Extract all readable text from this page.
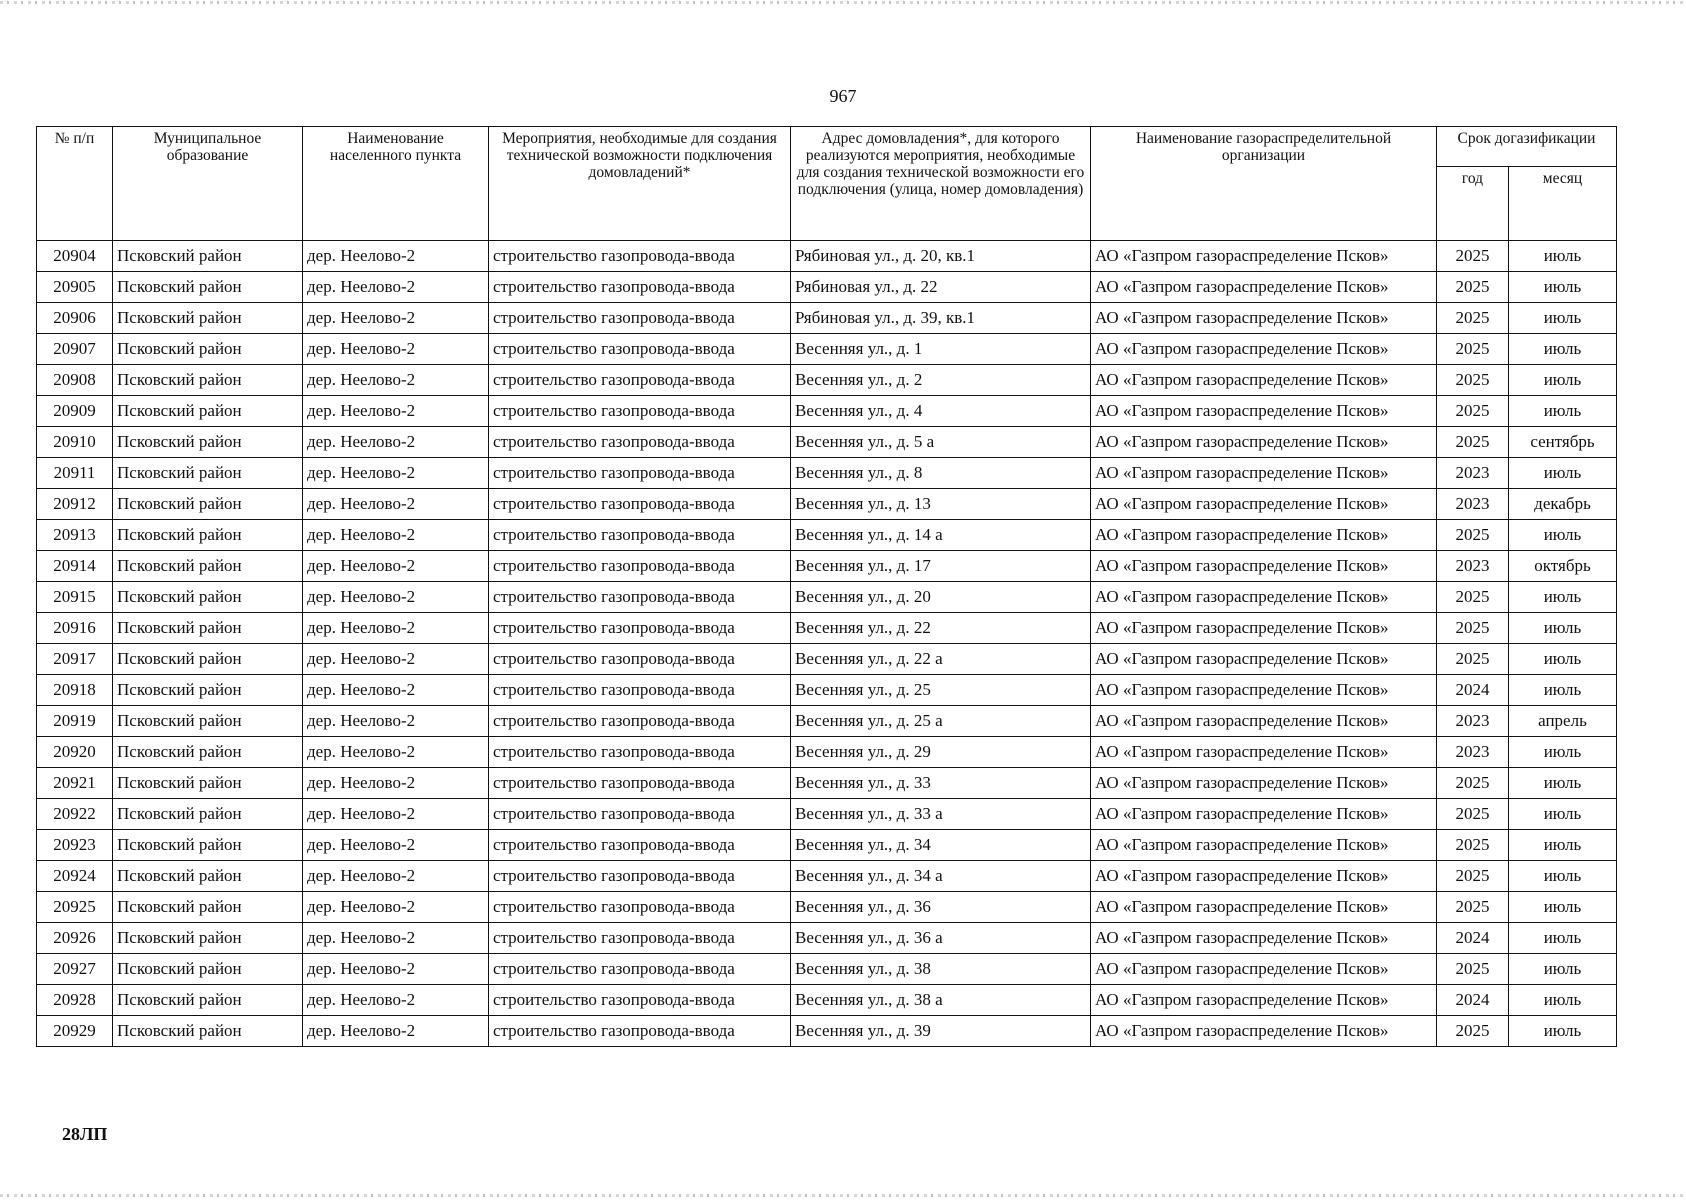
967
№ п/п	Муниципальное образование	Наименование населенного пункта	Мероприятия, необходимые для создания технической возможности подключения домовладений*	Адрес домовладения*, для которого реализуются мероприятия, необходимые для создания технической возможности его подключения (улица, номер домовладения)	Наименование газораспределительной организации	Срок догазификации	
						год	месяц
20904	Псковский район	дер. Неелово-2	строительство газопровода-ввода	Рябиновая ул., д. 20, кв.1	АО «Газпром газораспределение Псков»	2025	июль
20905	Псковский район	дер. Неелово-2	строительство газопровода-ввода	Рябиновая ул., д. 22	АО «Газпром газораспределение Псков»	2025	июль
20906	Псковский район	дер. Неелово-2	строительство газопровода-ввода	Рябиновая ул., д. 39, кв.1	АО «Газпром газораспределение Псков»	2025	июль
20907	Псковский район	дер. Неелово-2	строительство газопровода-ввода	Весенняя ул., д. 1	АО «Газпром газораспределение Псков»	2025	июль
20908	Псковский район	дер. Неелово-2	строительство газопровода-ввода	Весенняя ул., д. 2	АО «Газпром газораспределение Псков»	2025	июль
20909	Псковский район	дер. Неелово-2	строительство газопровода-ввода	Весенняя ул., д. 4	АО «Газпром газораспределение Псков»	2025	июль
20910	Псковский район	дер. Неелово-2	строительство газопровода-ввода	Весенняя ул., д. 5 а	АО «Газпром газораспределение Псков»	2025	сентябрь
20911	Псковский район	дер. Неелово-2	строительство газопровода-ввода	Весенняя ул., д. 8	АО «Газпром газораспределение Псков»	2023	июль
20912	Псковский район	дер. Неелово-2	строительство газопровода-ввода	Весенняя ул., д. 13	АО «Газпром газораспределение Псков»	2023	декабрь
20913	Псковский район	дер. Неелово-2	строительство газопровода-ввода	Весенняя ул., д. 14 а	АО «Газпром газораспределение Псков»	2025	июль
20914	Псковский район	дер. Неелово-2	строительство газопровода-ввода	Весенняя ул., д. 17	АО «Газпром газораспределение Псков»	2023	октябрь
20915	Псковский район	дер. Неелово-2	строительство газопровода-ввода	Весенняя ул., д. 20	АО «Газпром газораспределение Псков»	2025	июль
20916	Псковский район	дер. Неелово-2	строительство газопровода-ввода	Весенняя ул., д. 22	АО «Газпром газораспределение Псков»	2025	июль
20917	Псковский район	дер. Неелово-2	строительство газопровода-ввода	Весенняя ул., д. 22 а	АО «Газпром газораспределение Псков»	2025	июль
20918	Псковский район	дер. Неелово-2	строительство газопровода-ввода	Весенняя ул., д. 25	АО «Газпром газораспределение Псков»	2024	июль
20919	Псковский район	дер. Неелово-2	строительство газопровода-ввода	Весенняя ул., д. 25 а	АО «Газпром газораспределение Псков»	2023	апрель
20920	Псковский район	дер. Неелово-2	строительство газопровода-ввода	Весенняя ул., д. 29	АО «Газпром газораспределение Псков»	2023	июль
20921	Псковский район	дер. Неелово-2	строительство газопровода-ввода	Весенняя ул., д. 33	АО «Газпром газораспределение Псков»	2025	июль
20922	Псковский район	дер. Неелово-2	строительство газопровода-ввода	Весенняя ул., д. 33 а	АО «Газпром газораспределение Псков»	2025	июль
20923	Псковский район	дер. Неелово-2	строительство газопровода-ввода	Весенняя ул., д. 34	АО «Газпром газораспределение Псков»	2025	июль
20924	Псковский район	дер. Неелово-2	строительство газопровода-ввода	Весенняя ул., д. 34 а	АО «Газпром газораспределение Псков»	2025	июль
20925	Псковский район	дер. Неелово-2	строительство газопровода-ввода	Весенняя ул., д. 36	АО «Газпром газораспределение Псков»	2025	июль
20926	Псковский район	дер. Неелово-2	строительство газопровода-ввода	Весенняя ул., д. 36 а	АО «Газпром газораспределение Псков»	2024	июль
20927	Псковский район	дер. Неелово-2	строительство газопровода-ввода	Весенняя ул., д. 38	АО «Газпром газораспределение Псков»	2025	июль
20928	Псковский район	дер. Неелово-2	строительство газопровода-ввода	Весенняя ул., д. 38 а	АО «Газпром газораспределение Псков»	2024	июль
20929	Псковский район	дер. Неелово-2	строительство газопровода-ввода	Весенняя ул., д. 39	АО «Газпром газораспределение Псков»	2025	июль
28ЛП
